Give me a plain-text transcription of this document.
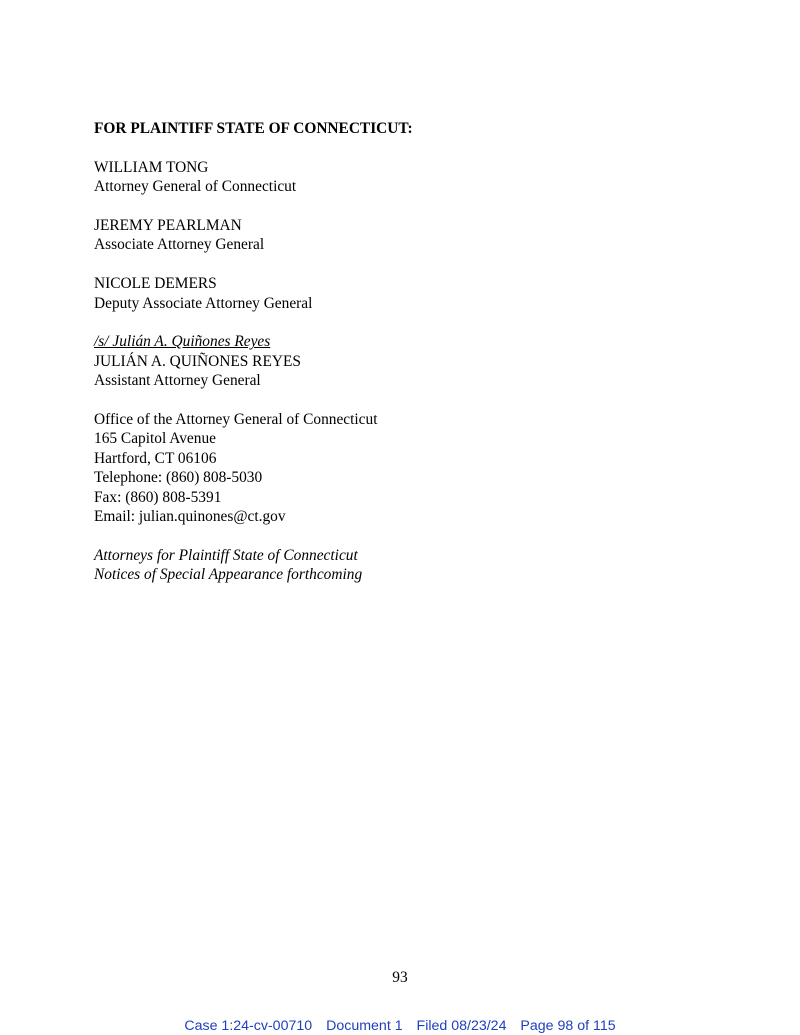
FOR PLAINTIFF STATE OF CONNECTICUT:
WILLIAM TONG
Attorney General of Connecticut
JEREMY PEARLMAN
Associate Attorney General
NICOLE DEMERS
Deputy Associate Attorney General
/s/ Julián A. Quiñones Reyes
JULIÁN A. QUIÑONES REYES
Assistant Attorney General
Office of the Attorney General of Connecticut
165 Capitol Avenue
Hartford, CT 06106
Telephone: (860) 808-5030
Fax: (860) 808-5391
Email: julian.quinones@ct.gov
Attorneys for Plaintiff State of Connecticut
Notices of Special Appearance forthcoming
93
Case 1:24-cv-00710 Document 1 Filed 08/23/24 Page 98 of 115
